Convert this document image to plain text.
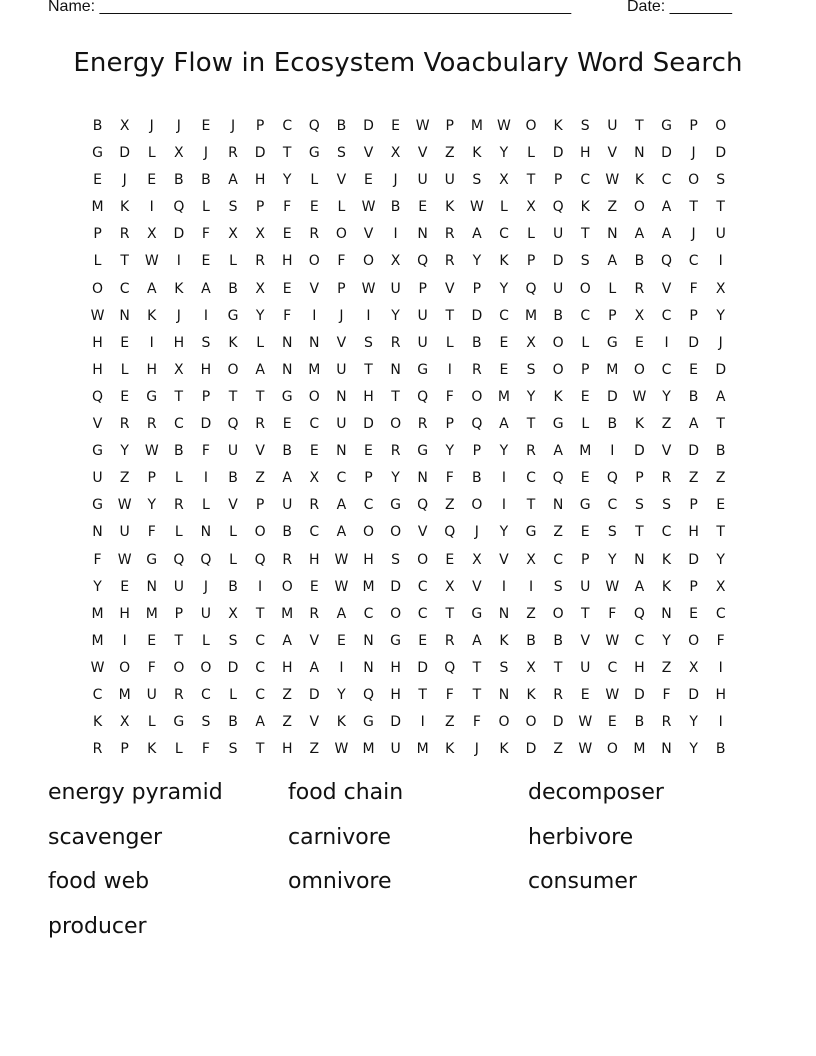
Name: _____________________________________________________	Date: _______
Energy Flow in Ecosystem Voacbulary Word Search
B	X	J	J	E	J	P	C	Q	B	D	E	W	P	M	W	O	K	S	U	T	G	P	O
G	D	L	X	J	R	D	T	G	S	V	X	V	Z	K	Y	L	D	H	V	N	D	J	D
E	J	E	B	B	A	H	Y	L	V	E	J	U	U	S	X	T	P	C	W	K	C	O	S
M	K	I	Q	L	S	P	F	E	L	W	B	E	K	W	L	X	Q	K	Z	O	A	T	T
P	R	X	D	F	X	X	E	R	O	V	I	N	R	A	C	L	U	T	N	A	A	J	U
L	T	W	I	E	L	R	H	O	F	O	X	Q	R	Y	K	P	D	S	A	B	Q	C	I
O	C	A	K	A	B	X	E	V	P	W	U	P	V	P	Y	Q	U	O	L	R	V	F	X
W	N	K	J	I	G	Y	F	I	J	I	Y	U	T	D	C	M	B	C	P	X	C	P	Y
H	E	I	H	S	K	L	N	N	V	S	R	U	L	B	E	X	O	L	G	E	I	D	J
H	L	H	X	H	O	A	N	M	U	T	N	G	I	R	E	S	O	P	M	O	C	E	D
Q	E	G	T	P	T	T	G	O	N	H	T	Q	F	O	M	Y	K	E	D	W	Y	B	A
V	R	R	C	D	Q	R	E	C	U	D	O	R	P	Q	A	T	G	L	B	K	Z	A	T
G	Y	W	B	F	U	V	B	E	N	E	R	G	Y	P	Y	R	A	M	I	D	V	D	B
U	Z	P	L	I	B	Z	A	X	C	P	Y	N	F	B	I	C	Q	E	Q	P	R	Z	Z
G	W	Y	R	L	V	P	U	R	A	C	G	Q	Z	O	I	T	N	G	C	S	S	P	E
N	U	F	L	N	L	O	B	C	A	O	O	V	Q	J	Y	G	Z	E	S	T	C	H	T
F	W	G	Q	Q	L	Q	R	H	W	H	S	O	E	X	V	X	C	P	Y	N	K	D	Y
Y	E	N	U	J	B	I	O	E	W	M	D	C	X	V	I	I	S	U	W	A	K	P	X
M	H	M	P	U	X	T	M	R	A	C	O	C	T	G	N	Z	O	T	F	Q	N	E	C
M	I	E	T	L	S	C	A	V	E	N	G	E	R	A	K	B	B	V	W	C	Y	O	F
W	O	F	O	O	D	C	H	A	I	N	H	D	Q	T	S	X	T	U	C	H	Z	X	I
C	M	U	R	C	L	C	Z	D	Y	Q	H	T	F	T	N	K	R	E	W	D	F	D	H
K	X	L	G	S	B	A	Z	V	K	G	D	I	Z	F	O	O	D	W	E	B	R	Y	I
R	P	K	L	F	S	T	H	Z	W	M	U	M	K	J	K	D	Z	W	O	M	N	Y	B
energy pyramid	food chain	decomposer
scavenger	carnivore	herbivore
food web	omnivore	consumer
producer
